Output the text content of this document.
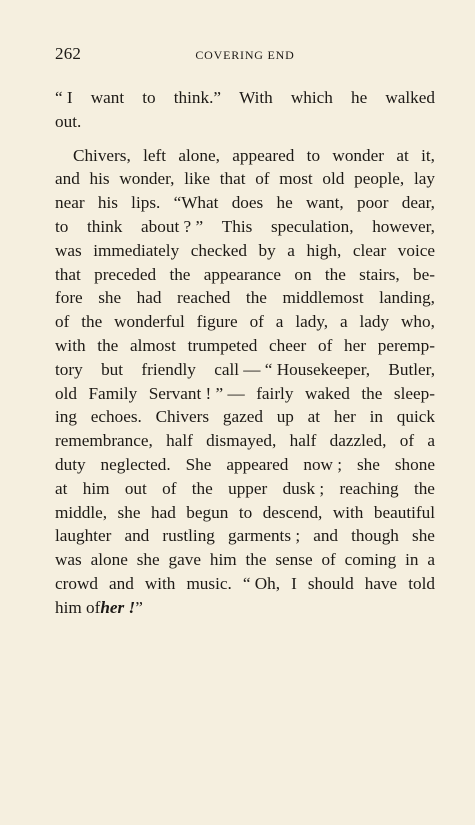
262	COVERING END
“ I want to think.” With which he walked
out.
Chivers, left alone, appeared to wonder at it,
and his wonder, like that of most old people, lay
near his lips. “What does he want, poor dear,
to think about ? ” This speculation, however,
was immediately checked by a high, clear voice
that preceded the appearance on the stairs, be-
fore she had reached the middlemost landing,
of the wonderful figure of a lady, a lady who,
with the almost trumpeted cheer of her peremp-
tory but friendly call — “ Housekeeper, Butler,
old Family Servant ! ” — fairly waked the sleep-
ing echoes. Chivers gazed up at her in quick
remembrance, half dismayed, half dazzled, of a
duty neglected. She appeared now ; she shone
at him out of the upper dusk ; reaching the
middle, she had begun to descend, with beautiful
laughter and rustling garments ; and though she
was alone she gave him the sense of coming in a
crowd and with music. “ Oh, I should have told
him of her ! ”
